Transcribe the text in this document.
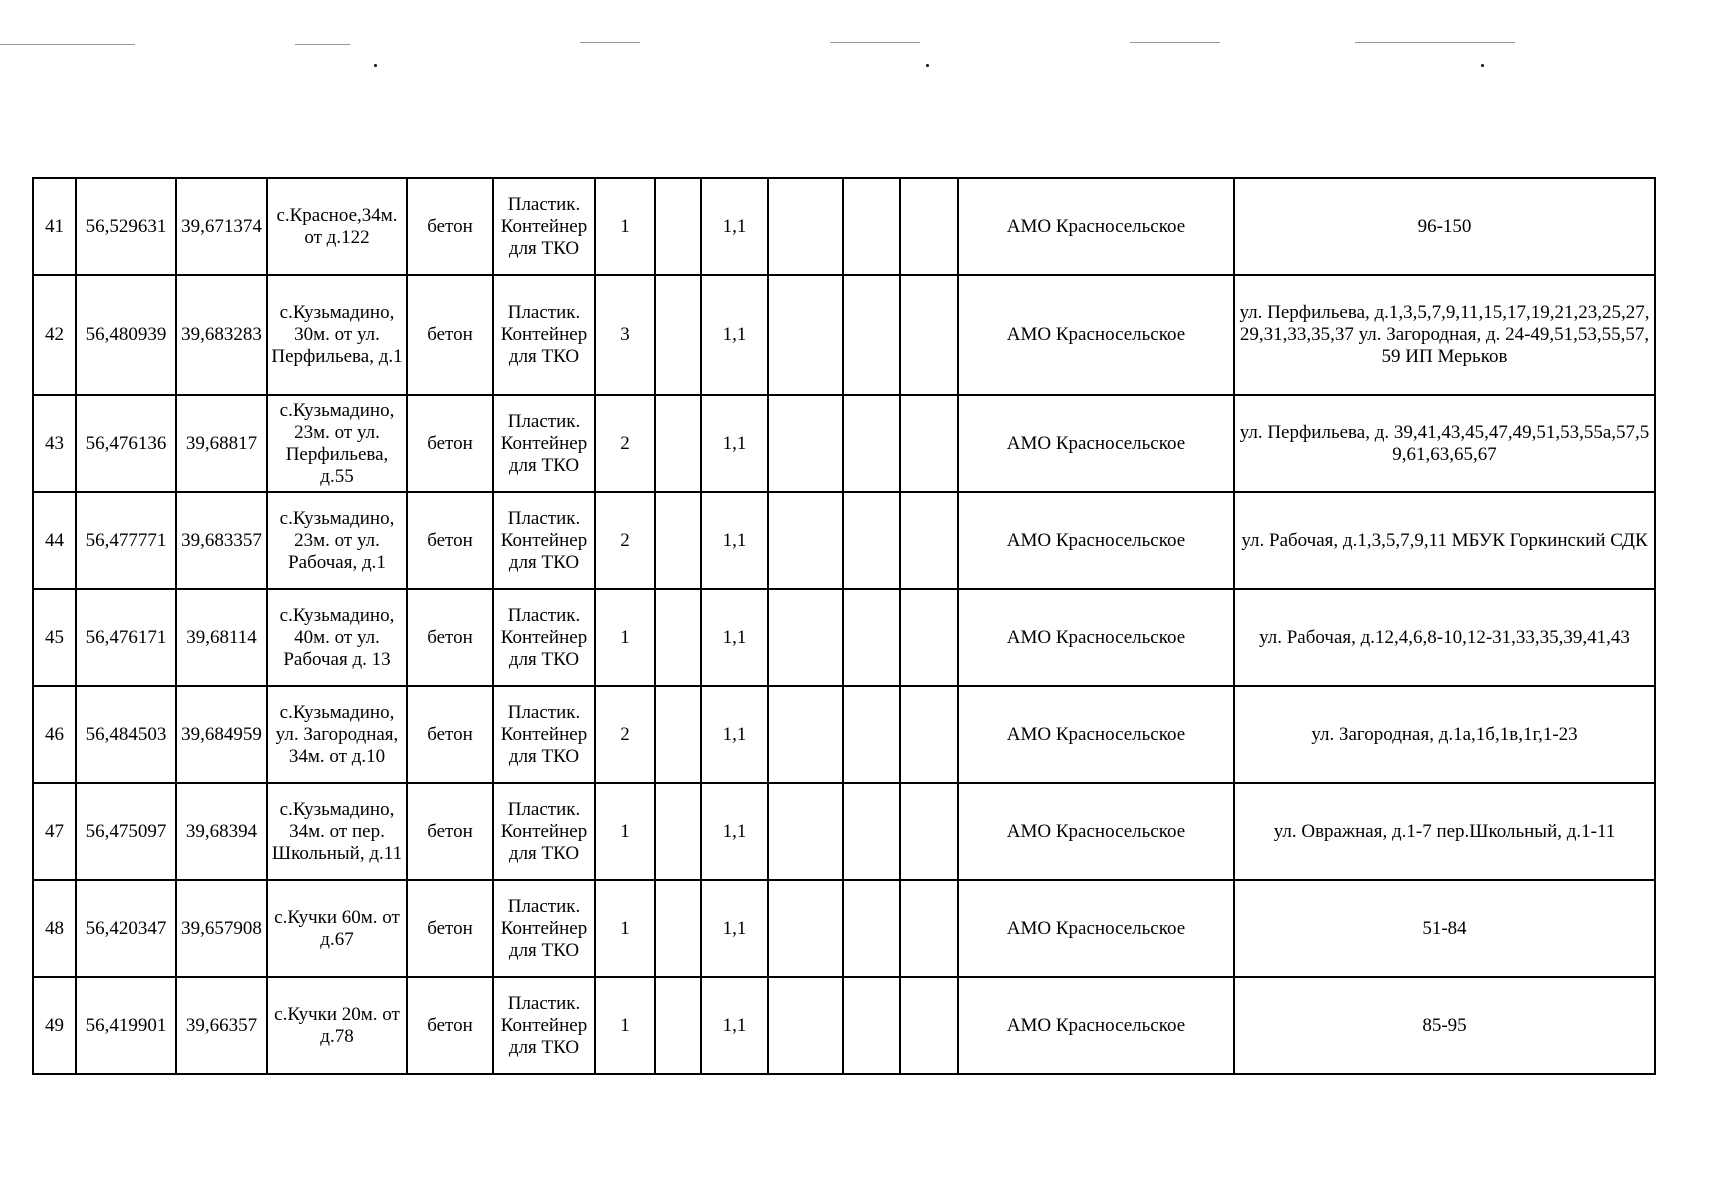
41	56,529631	39,671374	с.Красное,34м. от д.122	бетон	Пластик. Контейнер для ТКО	1		1,1				АМО Красносельское	96-150
42	56,480939	39,683283	с.Кузьмадино, 30м. от ул. Перфильева, д.1	бетон	Пластик. Контейнер для ТКО	3		1,1				АМО Красносельское	ул. Перфильева, д.1,3,5,7,9,11,15,17,19,21,23,25,27,29,31,33,35,37 ул. Загородная, д. 24-49,51,53,55,57,59 ИП Мерьков
43	56,476136	39,68817	с.Кузьмадино, 23м. от ул. Перфильева, д.55	бетон	Пластик. Контейнер для ТКО	2		1,1				АМО Красносельское	ул. Перфильева, д. 39,41,43,45,47,49,51,53,55а,57,59,61,63,65,67
44	56,477771	39,683357	с.Кузьмадино, 23м. от ул. Рабочая, д.1	бетон	Пластик. Контейнер для ТКО	2		1,1				АМО Красносельское	ул. Рабочая, д.1,3,5,7,9,11 МБУК Горкинский СДК
45	56,476171	39,68114	с.Кузьмадино, 40м. от ул. Рабочая д. 13	бетон	Пластик. Контейнер для ТКО	1		1,1				АМО Красносельское	ул. Рабочая, д.12,4,6,8-10,12-31,33,35,39,41,43
46	56,484503	39,684959	с.Кузьмадино, ул. Загородная, 34м. от д.10	бетон	Пластик. Контейнер для ТКО	2		1,1				АМО Красносельское	ул. Загородная, д.1а,1б,1в,1г,1-23
47	56,475097	39,68394	с.Кузьмадино, 34м. от пер. Школьный, д.11	бетон	Пластик. Контейнер для ТКО	1		1,1				АМО Красносельское	ул. Овражная, д.1-7 пер.Школьный, д.1-11
48	56,420347	39,657908	с.Кучки 60м. от д.67	бетон	Пластик. Контейнер для ТКО	1		1,1				АМО Красносельское	51-84
49	56,419901	39,66357	с.Кучки 20м. от д.78	бетон	Пластик. Контейнер для ТКО	1		1,1				АМО Красносельское	85-95
